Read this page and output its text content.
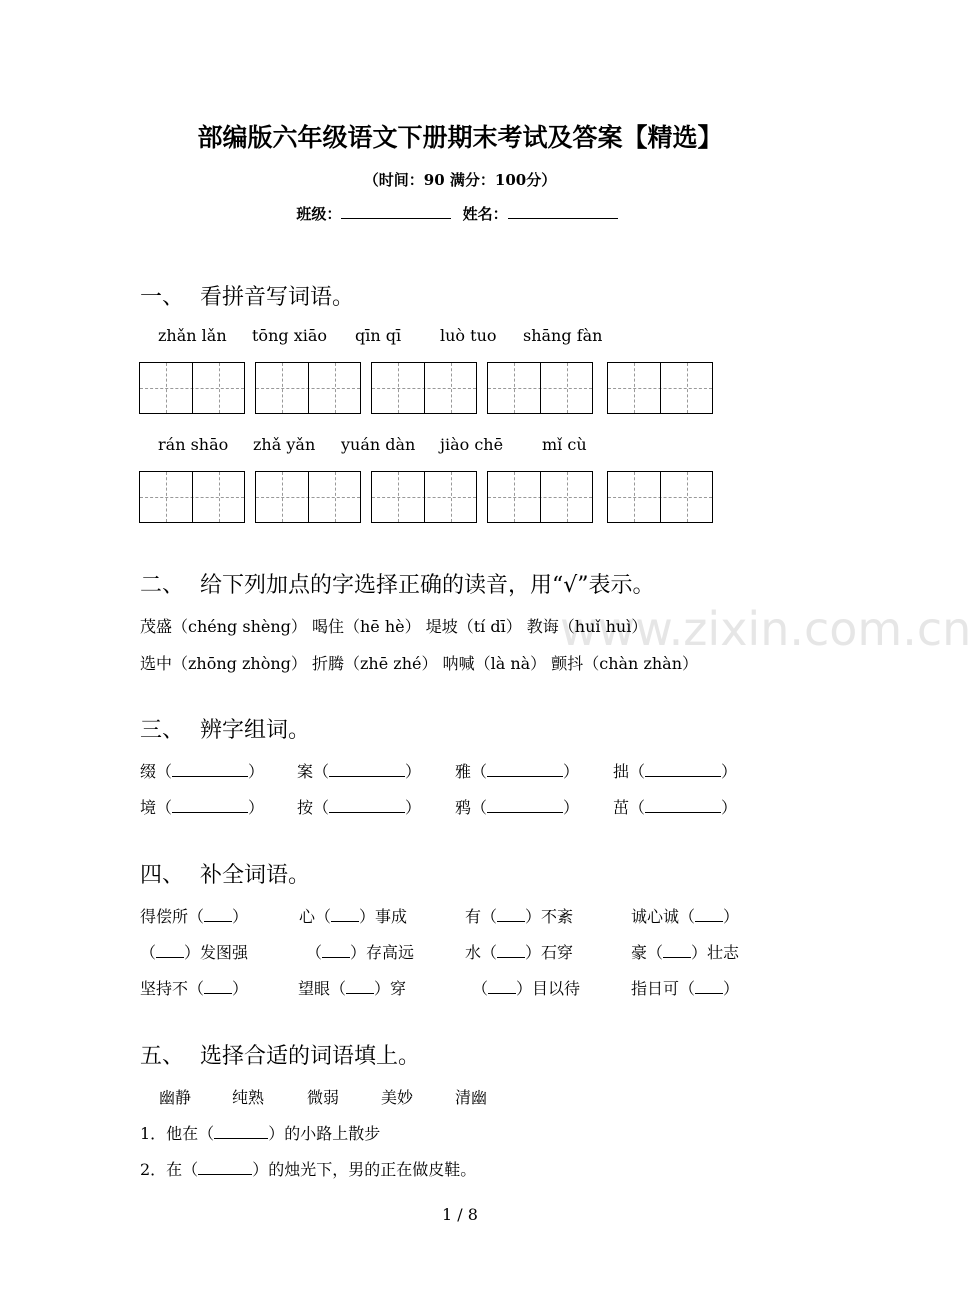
部编版六年级语文下册期末考试及答案【精选】
（时间：90 满分：100分）
班级：	姓名：
www.zixin.com.cn
一、 看拼音写词语。
zhǎn lǎn tōng xiāo qīn qī luò tuo shāng fàn
rán shāo zhǎ yǎn yuán dàn jiào chē mǐ cù
二、 给下列加点的字选择正确的读音，用“√”表示。
茂盛（chéng shèng） 喝住（hē hè） 堤坡（tí dī） 教诲（huǐ huì）
选中（zhōng zhòng） 折腾（zhē zhé） 呐喊（là nà） 颤抖（chàn zhàn）
三、 辨字组词。
缀（	） 案（	） 雅（	） 拙（	）
境（	） 按（	） 鸦（	） 茁（	）
四、 补全词语。
得偿所（ ）	心（ ）事成	有（ ）不紊	诚心诚（ ）
（ ）发图强	（ ）存高远	水（ ）石穿	豪（ ）壮志
坚持不（ ）	望眼（ ）穿	（ ）目以待	指日可（ ）
五、 选择合适的词语填上。
幽静	纯熟	微弱	美妙	清幽
1．他在（	）的小路上散步
2．在（	）的烛光下，男的正在做皮鞋。
1 / 8
